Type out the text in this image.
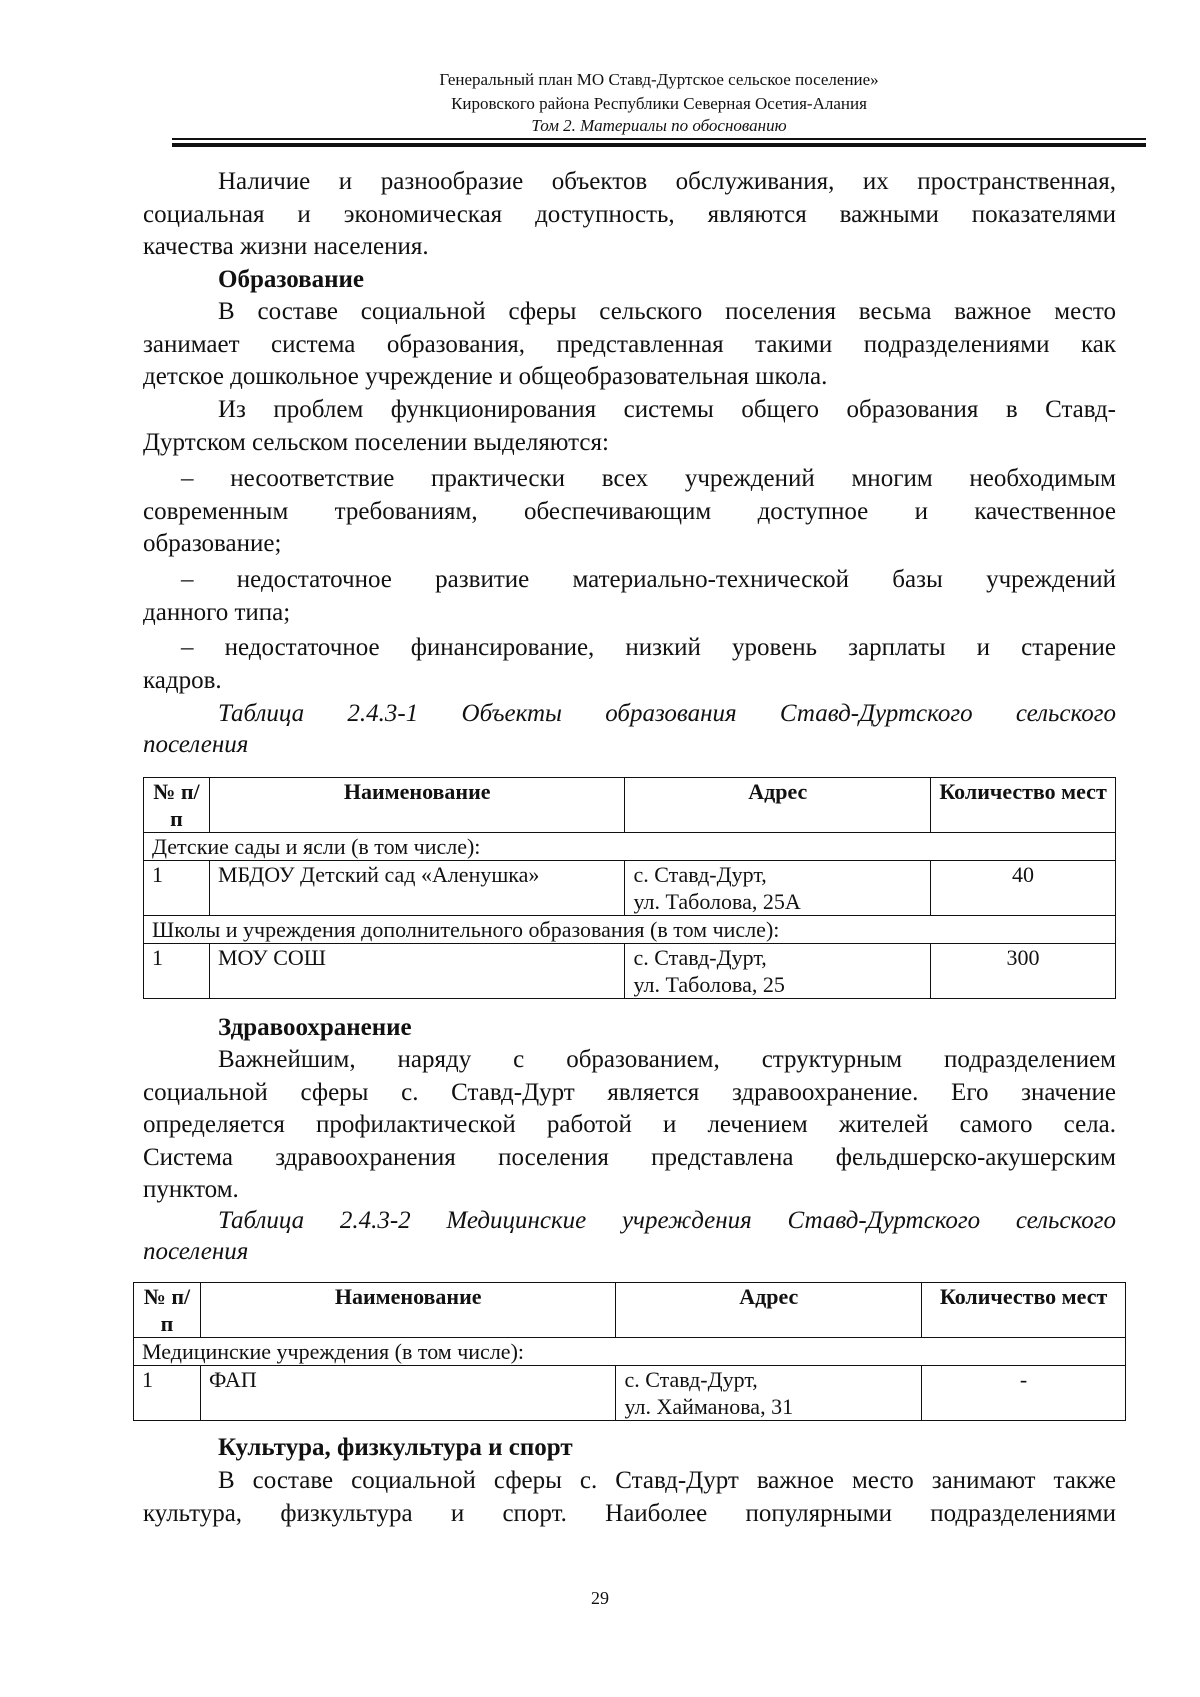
Генеральный план МО Ставд-Дуртское сельское поселение»
Кировского района Республики Северная Осетия-Алания
Том 2. Материалы по обоснованию
Наличие и разнообразие объектов обслуживания, их пространственная,
социальная и экономическая доступность, являются важными показателями
качества жизни населения.
Образование
В составе социальной сферы сельского поселения весьма важное место
занимает система образования, представленная такими подразделениями как
детское дошкольное учреждение и общеобразовательная школа.
Из проблем функционирования системы общего образования в Ставд-
Дуртском сельском поселении выделяются:
– несоответствие практически всех учреждений многим необходимым
современным требованиям, обеспечивающим доступное и качественное
образование;
– недостаточное развитие материально-технической базы учреждений
данного типа;
– недостаточное финансирование, низкий уровень зарплаты и старение
кадров.
Таблица 2.4.3-1 Объекты образования Ставд-Дуртского сельского
поселения
№ п/п	Наименование	Адрес	Количество мест
Детские сады и ясли (в том числе):			
1	МБДОУ Детский сад «Аленушка»	с. Ставд-Дурт,
ул. Таболова, 25А	40
Школы и учреждения дополнительного образования (в том числе):			
1	МОУ СОШ	с. Ставд-Дурт,
ул. Таболова, 25	300
Здравоохранение
Важнейшим, наряду с образованием, структурным подразделением
социальной сферы с. Ставд-Дурт является здравоохранение. Его значение
определяется профилактической работой и лечением жителей самого села.
Система здравоохранения поселения представлена фельдшерско-акушерским
пунктом.
Таблица 2.4.3-2 Медицинские учреждения Ставд-Дуртского сельского
поселения
№ п/п	Наименование	Адрес	Количество мест
Медицинские учреждения (в том числе):			
1	ФАП	с. Ставд-Дурт,
ул. Хайманова, 31	-
Культура, физкультура и спорт
В составе социальной сферы с. Ставд-Дурт важное место занимают также
культура, физкультура и спорт. Наиболее популярными подразделениями
29
